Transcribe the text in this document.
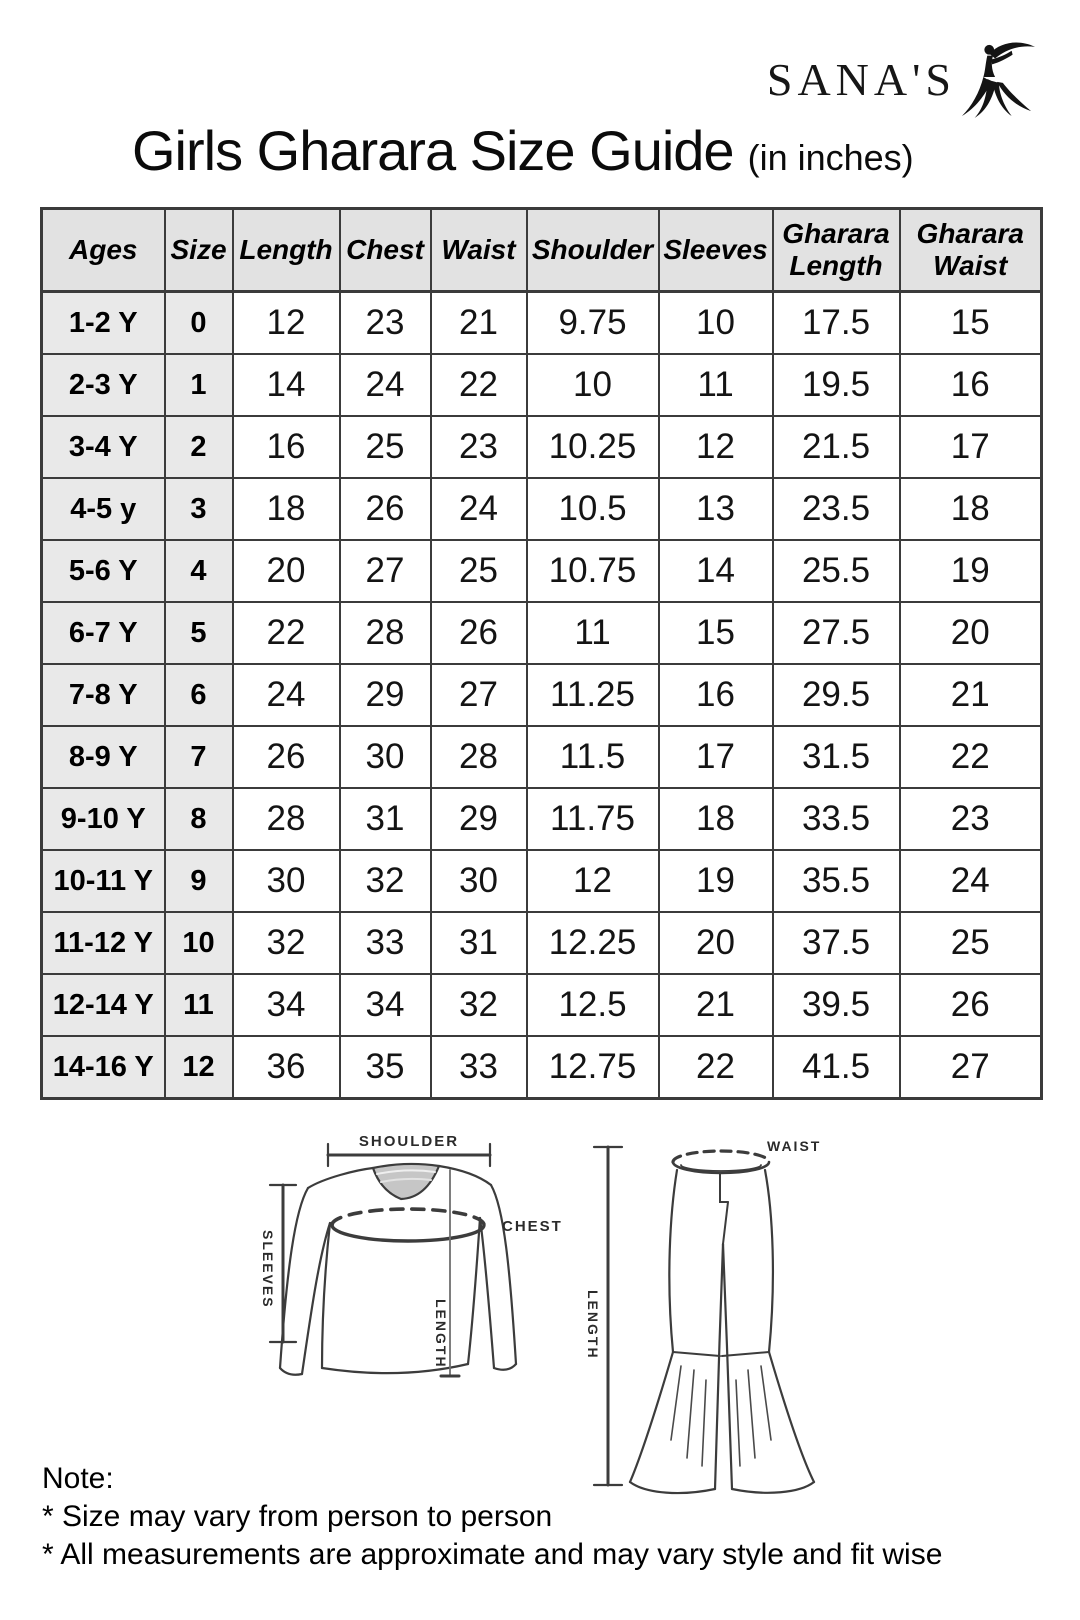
SANA'S
Girls Gharara Size Guide (in inches)
Ages	Size	Length	Chest	Waist	Shoulder	Sleeves	Gharara Length	Gharara Waist
1-2 Y	0	12	23	21	9.75	10	17.5	15
2-3 Y	1	14	24	22	10	11	19.5	16
3-4 Y	2	16	25	23	10.25	12	21.5	17
4-5 y	3	18	26	24	10.5	13	23.5	18
5-6 Y	4	20	27	25	10.75	14	25.5	19
6-7 Y	5	22	28	26	11	15	27.5	20
7-8 Y	6	24	29	27	11.25	16	29.5	21
8-9 Y	7	26	30	28	11.5	17	31.5	22
9-10 Y	8	28	31	29	11.75	18	33.5	23
10-11 Y	9	30	32	30	12	19	35.5	24
11-12 Y	10	32	33	31	12.25	20	37.5	25
12-14 Y	11	34	34	32	12.5	21	39.5	26
14-16 Y	12	36	35	33	12.75	22	41.5	27
SHOULDER
SLEEVES
CHEST
LENGTH	LENGTH
WAIST
Note:
* Size may vary from person to person
* All measurements are approximate and may vary style and fit wise
